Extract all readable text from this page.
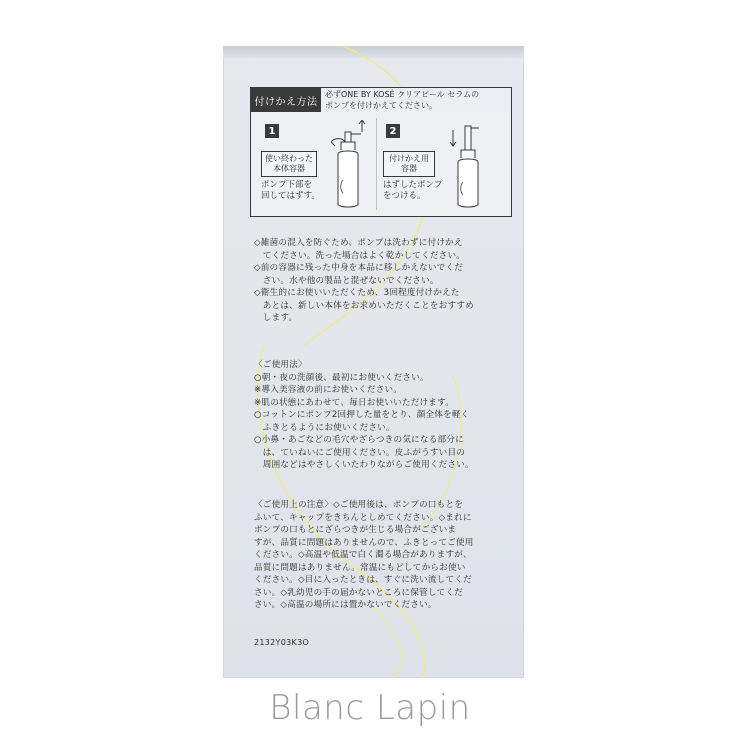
付けかえ方法
必ずONE BY KOSÉ クリアピール セラムの
ポンプを付けかえてください。
1
使い終わった
本体容器
ポンプ下部を
回してはずす。
2
付けかえ用
容器
はずしたポンプ
をつける。
◇雑菌の混入を防ぐため、ポンプは洗わずに付けかえ
　てください。洗った場合はよく乾かしてください。
◇前の容器に残った中身を本品に移しかえないでくだ
　さい。水や他の製品と混ぜないでください。
◇衛生的にお使いいただくため、3回程度付けかえた
　あとは、新しい本体をお求めいただくことをおすすめ
　します。
〈ご使用法〉
○朝・夜の洗顔後、最初にお使いください。
※導入美容液の前にお使いください。
※肌の状態にあわせて、毎日お使いいただけます。
○コットンにポンプ2回押した量をとり、顔全体を軽く
　ふきとるようにお使いください。
○小鼻・あごなどの毛穴やざらつきの気になる部分に
　は、ていねいにご使用ください。皮ふがうすい目の
　周囲などはやさしくいたわりながらご使用ください。
〈ご使用上の注意〉◇ご使用後は、ポンプの口もとを
ふいて、キャップをきちんとしめてください。◇まれに
ポンプの口もとにざらつきが生じる場合がございま
すが、品質に問題はありませんので、ふきとってご使用
ください。◇高温や低温で白く濁る場合がありますが、
品質に問題はありません。常温にもどしてからお使い
ください。◇目に入ったときは、すぐに洗い流してくだ
さい。◇乳幼児の手の届かないところに保管してくだ
さい。◇高温の場所には置かないでください。
2132Y03K3O
Blanc Lapin
